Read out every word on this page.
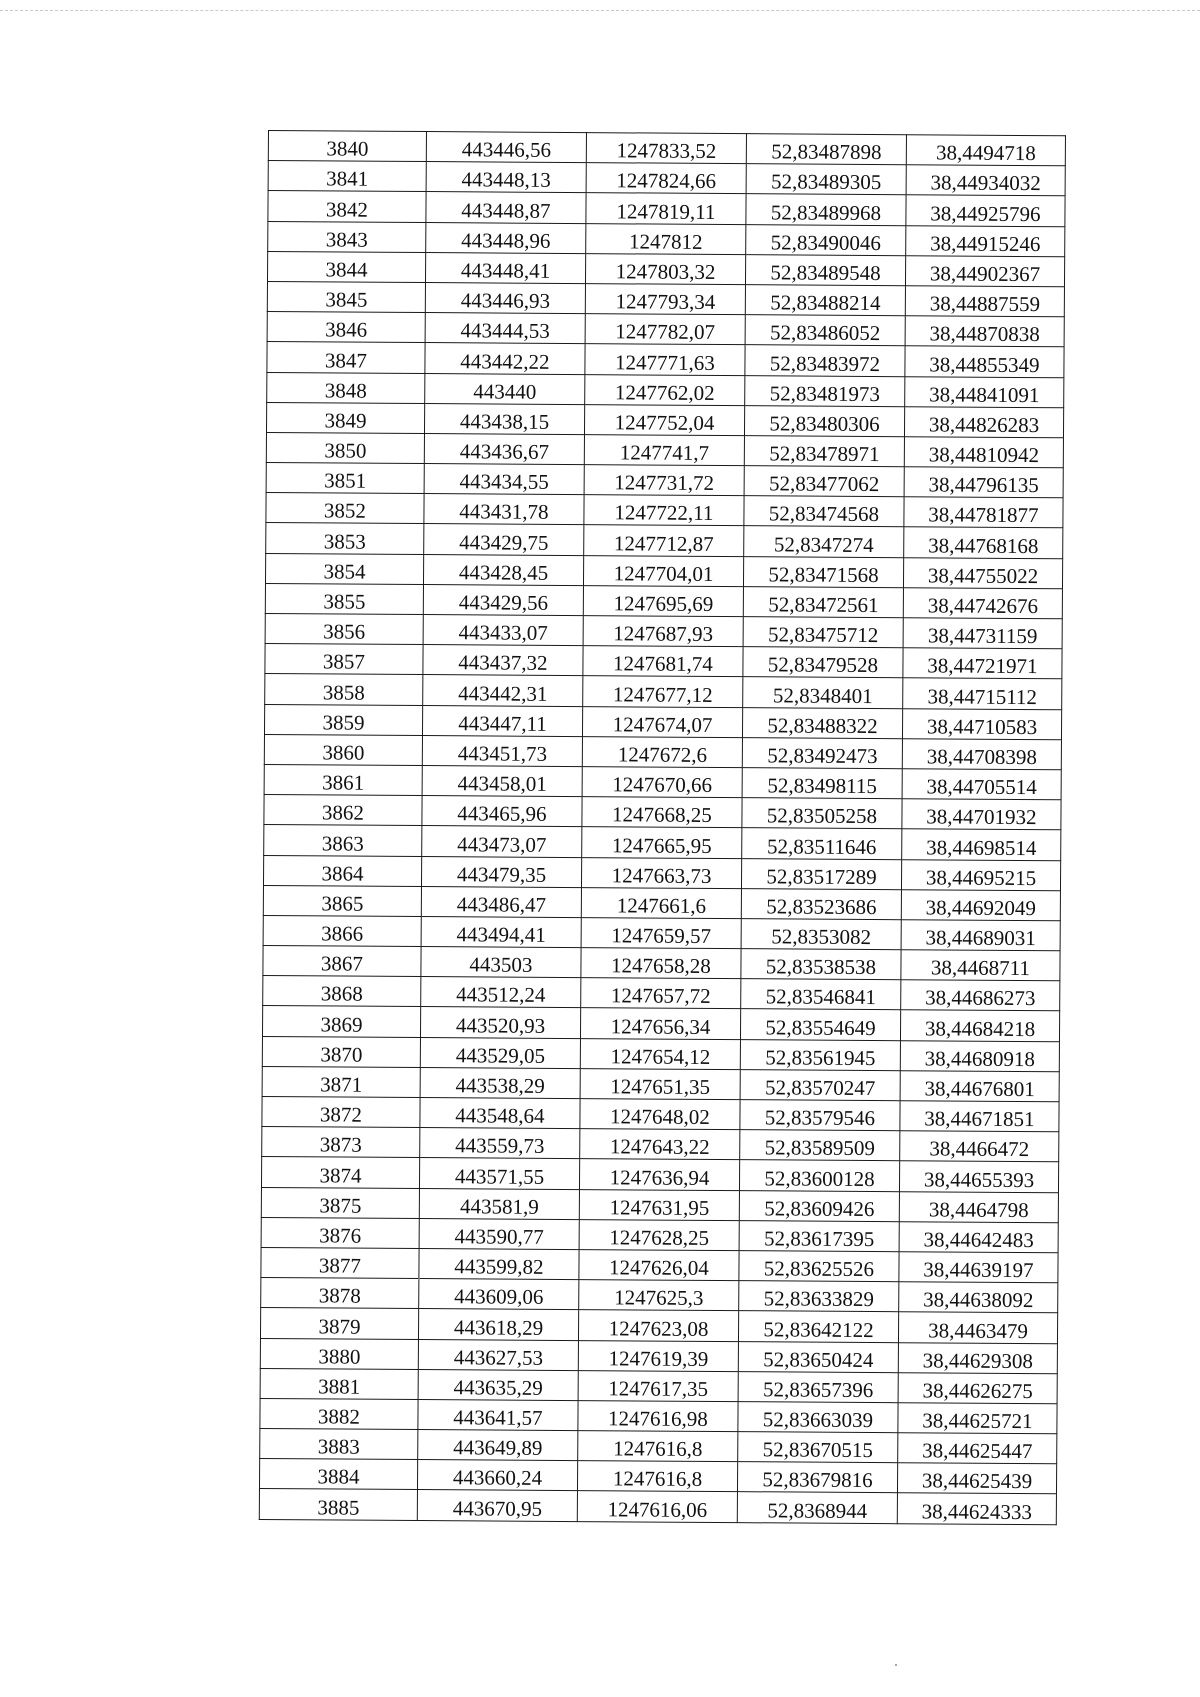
3840	443446,56	1247833,52	52,83487898	38,4494718
3841	443448,13	1247824,66	52,83489305	38,44934032
3842	443448,87	1247819,11	52,83489968	38,44925796
3843	443448,96	1247812	52,83490046	38,44915246
3844	443448,41	1247803,32	52,83489548	38,44902367
3845	443446,93	1247793,34	52,83488214	38,44887559
3846	443444,53	1247782,07	52,83486052	38,44870838
3847	443442,22	1247771,63	52,83483972	38,44855349
3848	443440	1247762,02	52,83481973	38,44841091
3849	443438,15	1247752,04	52,83480306	38,44826283
3850	443436,67	1247741,7	52,83478971	38,44810942
3851	443434,55	1247731,72	52,83477062	38,44796135
3852	443431,78	1247722,11	52,83474568	38,44781877
3853	443429,75	1247712,87	52,8347274	38,44768168
3854	443428,45	1247704,01	52,83471568	38,44755022
3855	443429,56	1247695,69	52,83472561	38,44742676
3856	443433,07	1247687,93	52,83475712	38,44731159
3857	443437,32	1247681,74	52,83479528	38,44721971
3858	443442,31	1247677,12	52,8348401	38,44715112
3859	443447,11	1247674,07	52,83488322	38,44710583
3860	443451,73	1247672,6	52,83492473	38,44708398
3861	443458,01	1247670,66	52,83498115	38,44705514
3862	443465,96	1247668,25	52,83505258	38,44701932
3863	443473,07	1247665,95	52,83511646	38,44698514
3864	443479,35	1247663,73	52,83517289	38,44695215
3865	443486,47	1247661,6	52,83523686	38,44692049
3866	443494,41	1247659,57	52,8353082	38,44689031
3867	443503	1247658,28	52,83538538	38,4468711
3868	443512,24	1247657,72	52,83546841	38,44686273
3869	443520,93	1247656,34	52,83554649	38,44684218
3870	443529,05	1247654,12	52,83561945	38,44680918
3871	443538,29	1247651,35	52,83570247	38,44676801
3872	443548,64	1247648,02	52,83579546	38,44671851
3873	443559,73	1247643,22	52,83589509	38,4466472
3874	443571,55	1247636,94	52,83600128	38,44655393
3875	443581,9	1247631,95	52,83609426	38,4464798
3876	443590,77	1247628,25	52,83617395	38,44642483
3877	443599,82	1247626,04	52,83625526	38,44639197
3878	443609,06	1247625,3	52,83633829	38,44638092
3879	443618,29	1247623,08	52,83642122	38,4463479
3880	443627,53	1247619,39	52,83650424	38,44629308
3881	443635,29	1247617,35	52,83657396	38,44626275
3882	443641,57	1247616,98	52,83663039	38,44625721
3883	443649,89	1247616,8	52,83670515	38,44625447
3884	443660,24	1247616,8	52,83679816	38,44625439
3885	443670,95	1247616,06	52,8368944	38,44624333
